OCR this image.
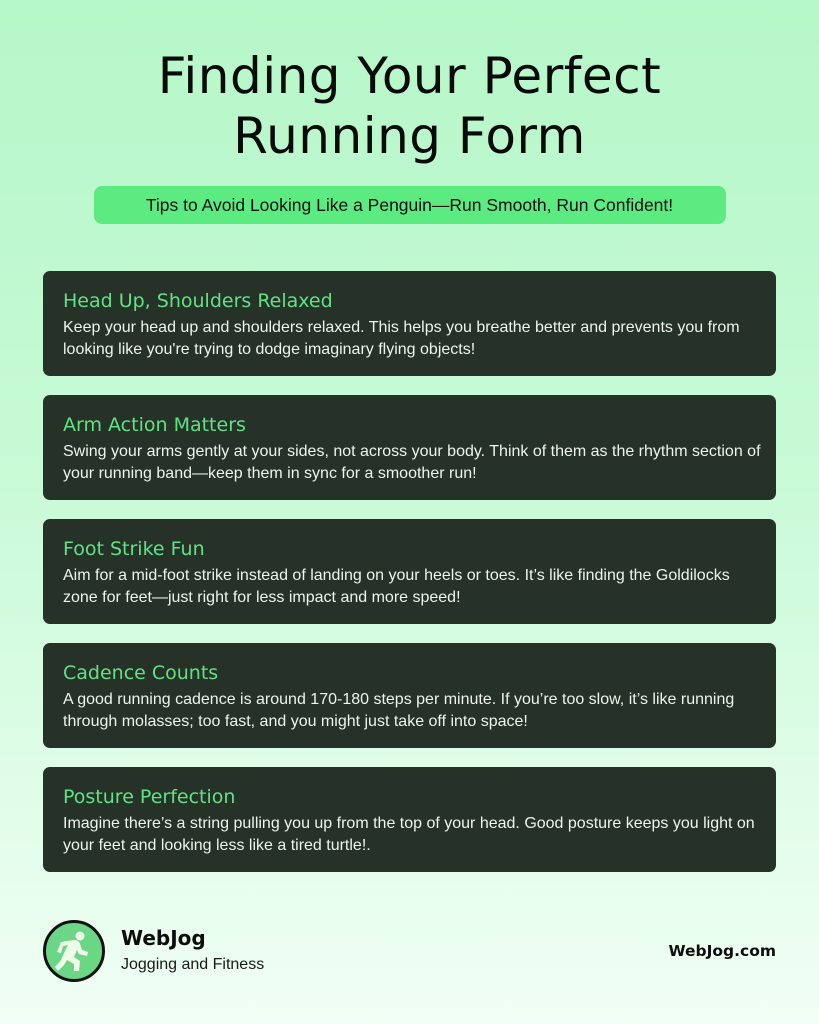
Finding Your Perfect
Running Form
Tips to Avoid Looking Like a Penguin—Run Smooth, Run Confident!
Head Up, Shoulders Relaxed
Keep your head up and shoulders relaxed. This helps you breathe better and prevents you from looking like you're trying to dodge imaginary flying objects!
Arm Action Matters
Swing your arms gently at your sides, not across your body. Think of them as the rhythm section of your running band—keep them in sync for a smoother run!
Foot Strike Fun
Aim for a mid-foot strike instead of landing on your heels or toes. It’s like finding the Goldilocks zone for feet—just right for less impact and more speed!
Cadence Counts
A good running cadence is around 170-180 steps per minute. If you’re too slow, it’s like running through molasses; too fast, and you might just take off into space!
Posture Perfection
Imagine there’s a string pulling you up from the top of your head. Good posture keeps you light on your feet and looking less like a tired turtle!.
WebJog
Jogging and Fitness
WebJog.com
